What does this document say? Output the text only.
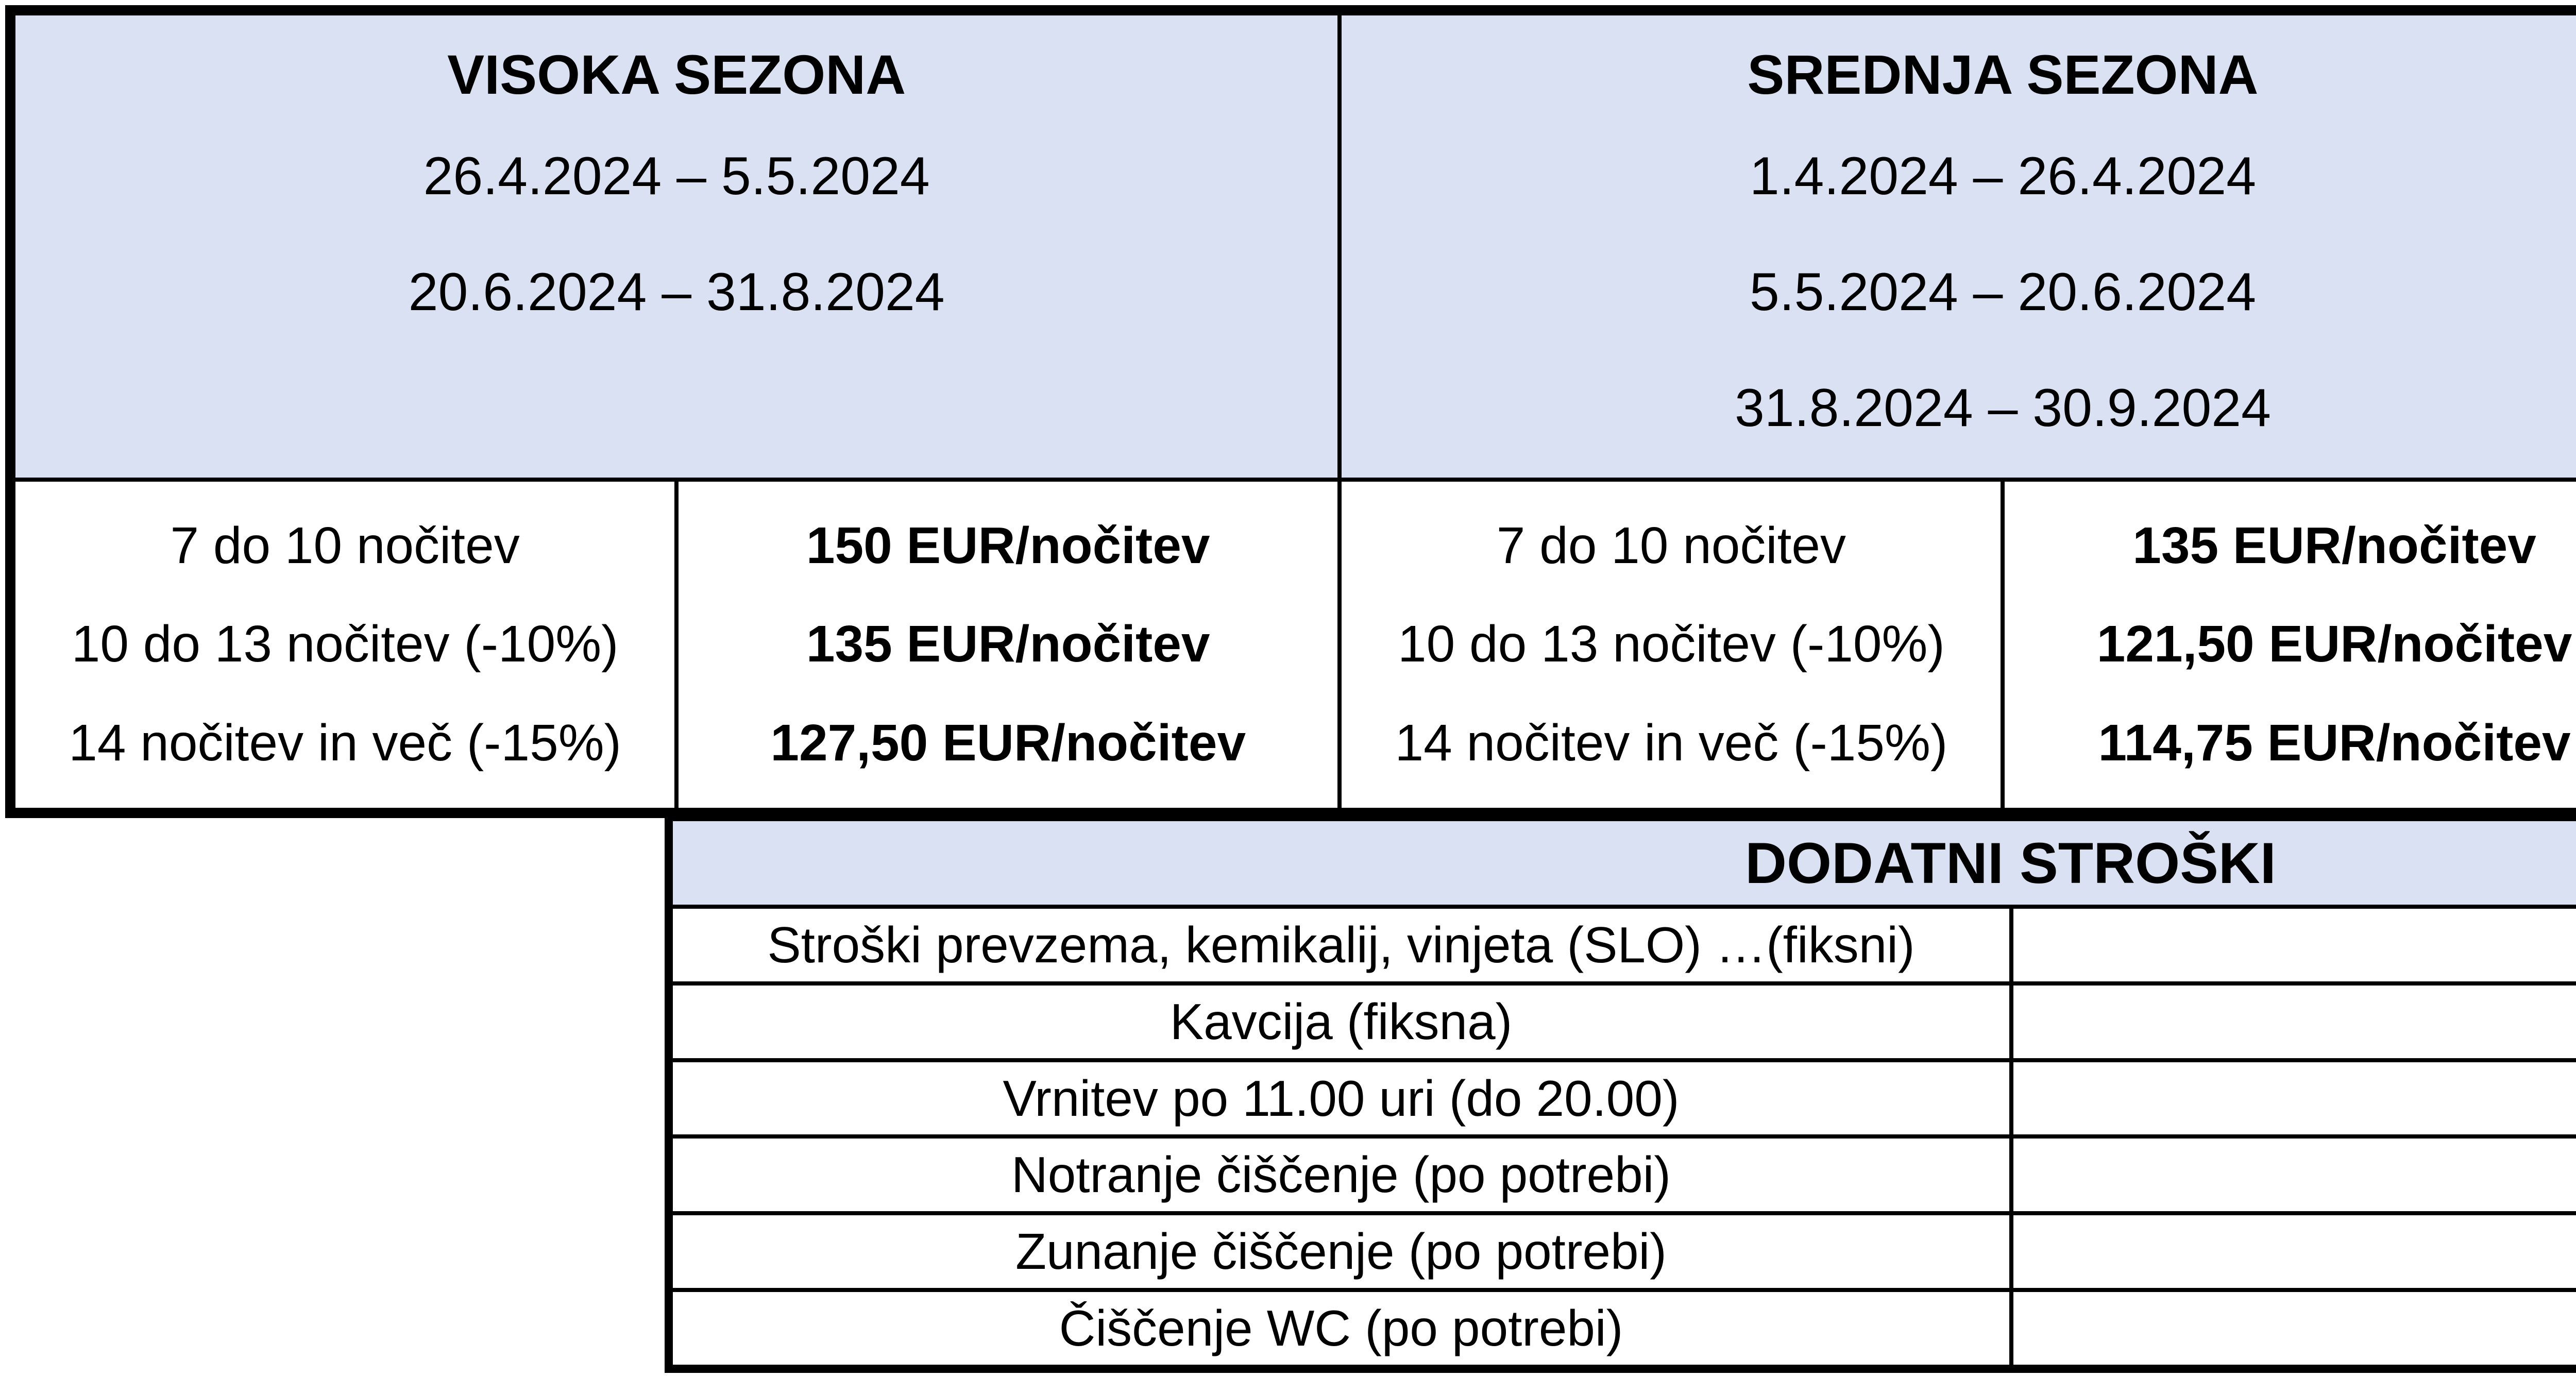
VISOKA SEZONA
26.4.2024 – 5.5.2024
20.6.2024 – 31.8.2024
SREDNJA SEZONA
1.4.2024 – 26.4.2024
5.5.2024 – 20.6.2024
31.8.2024 – 30.9.2024
7 do 10 nočitev
10 do 13 nočitev (-10%)
14 nočitev in več (-15%)
150 EUR/nočitev
135 EUR/nočitev
127,50 EUR/nočitev
7 do 10 nočitev
10 do 13 nočitev (-10%)
14 nočitev in več (-15%)
135 EUR/nočitev
121,50 EUR/nočitev
114,75 EUR/nočitev
DODATNI STROŠKI
Stroški prevzema, kemikalij, vinjeta (SLO) …(fiksni)
Kavcija (fiksna)
Vrnitev po 11.00 uri (do 20.00)
Notranje čiščenje (po potrebi)
Zunanje čiščenje (po potrebi)
Čiščenje WC (po potrebi)
